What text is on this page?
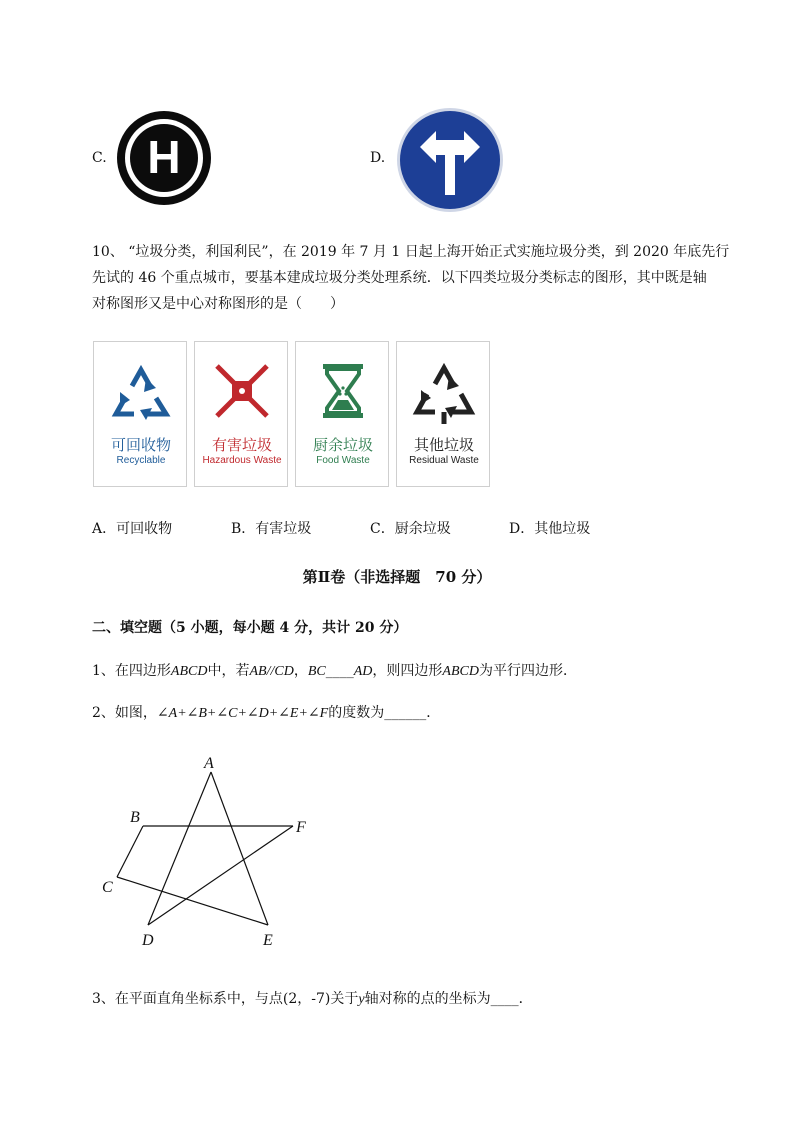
C. H	D.
10、 “垃圾分类，利国利民”，在 2019 年 7 月 1 日起上海开始正式实施垃圾分类，到 2020 年底先行
先试的 46 个重点城市，要基本建成垃圾分类处理系统．以下四类垃圾分类标志的图形，其中既是轴
对称图形又是中心对称图形的是（　　）
可回收物
Recyclable
有害垃圾
Hazardous Waste
厨余垃圾
Food Waste
其他垃圾
Residual Waste
A．可回收物	B．有害垃圾	C．厨余垃圾	D．其他垃圾
第Ⅱ卷（非选择题　70 分）
二、填空题（5 小题，每小题 4 分，共计 20 分）
1、在四边形ABCD中，若AB//CD，BC____AD，则四边形ABCD为平行四边形．
2、如图，∠A+∠B+∠C+∠D+∠E+∠F的度数为______．
A
B
C
D	E
F
3、在平面直角坐标系中，与点(2，-7)关于y轴对称的点的坐标为____．
